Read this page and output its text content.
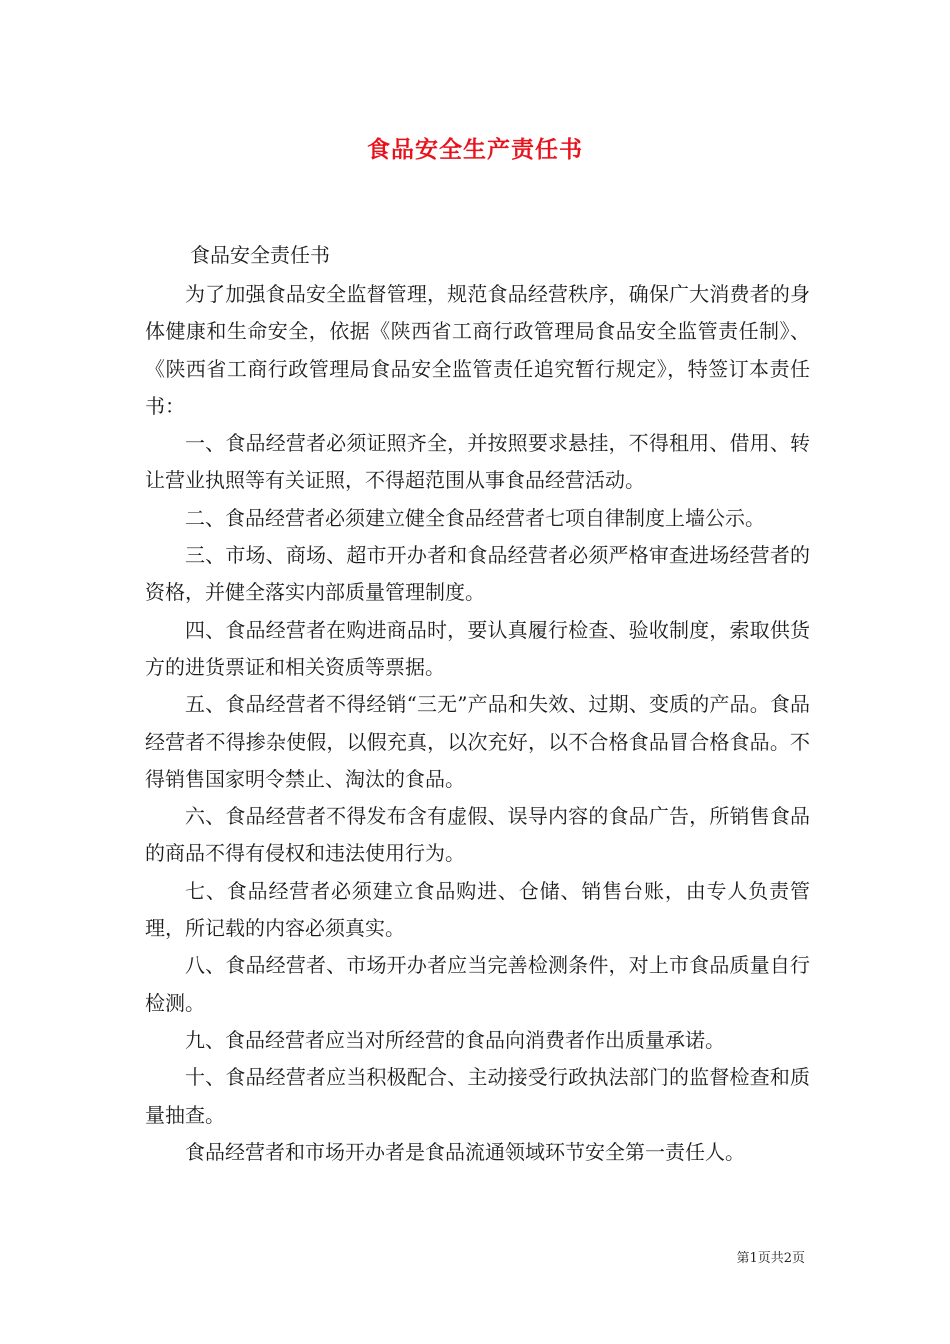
食品安全生产责任书
食品安全责任书

为了加强食品安全监督管理，规范食品经营秩序，确保广大消费者的身体健康和生命安全，依据《陕西省工商行政管理局食品安全监管责任制》、《陕西省工商行政管理局食品安全监管责任追究暂行规定》，特签订本责任书：

一、食品经营者必须证照齐全，并按照要求悬挂，不得租用、借用、转让营业执照等有关证照，不得超范围从事食品经营活动。

二、食品经营者必须建立健全食品经营者七项自律制度上墙公示。

三、市场、商场、超市开办者和食品经营者必须严格审查进场经营者的资格，并健全落实内部质量管理制度。

四、食品经营者在购进商品时，要认真履行检查、验收制度，索取供货方的进货票证和相关资质等票据。

五、食品经营者不得经销“三无”产品和失效、过期、变质的产品。食品经营者不得掺杂使假，以假充真，以次充好，以不合格食品冒合格食品。不得销售国家明令禁止、淘汰的食品。

六、食品经营者不得发布含有虚假、误导内容的食品广告，所销售食品的商品不得有侵权和违法使用行为。

七、食品经营者必须建立食品购进、仓储、销售台账，由专人负责管理，所记载的内容必须真实。

八、食品经营者、市场开办者应当完善检测条件，对上市食品质量自行检测。

九、食品经营者应当对所经营的食品向消费者作出质量承诺。

十、食品经营者应当积极配合、主动接受行政执法部门的监督检查和质量抽查。

食品经营者和市场开办者是食品流通领域环节安全第一责任人。

第1页共2页
